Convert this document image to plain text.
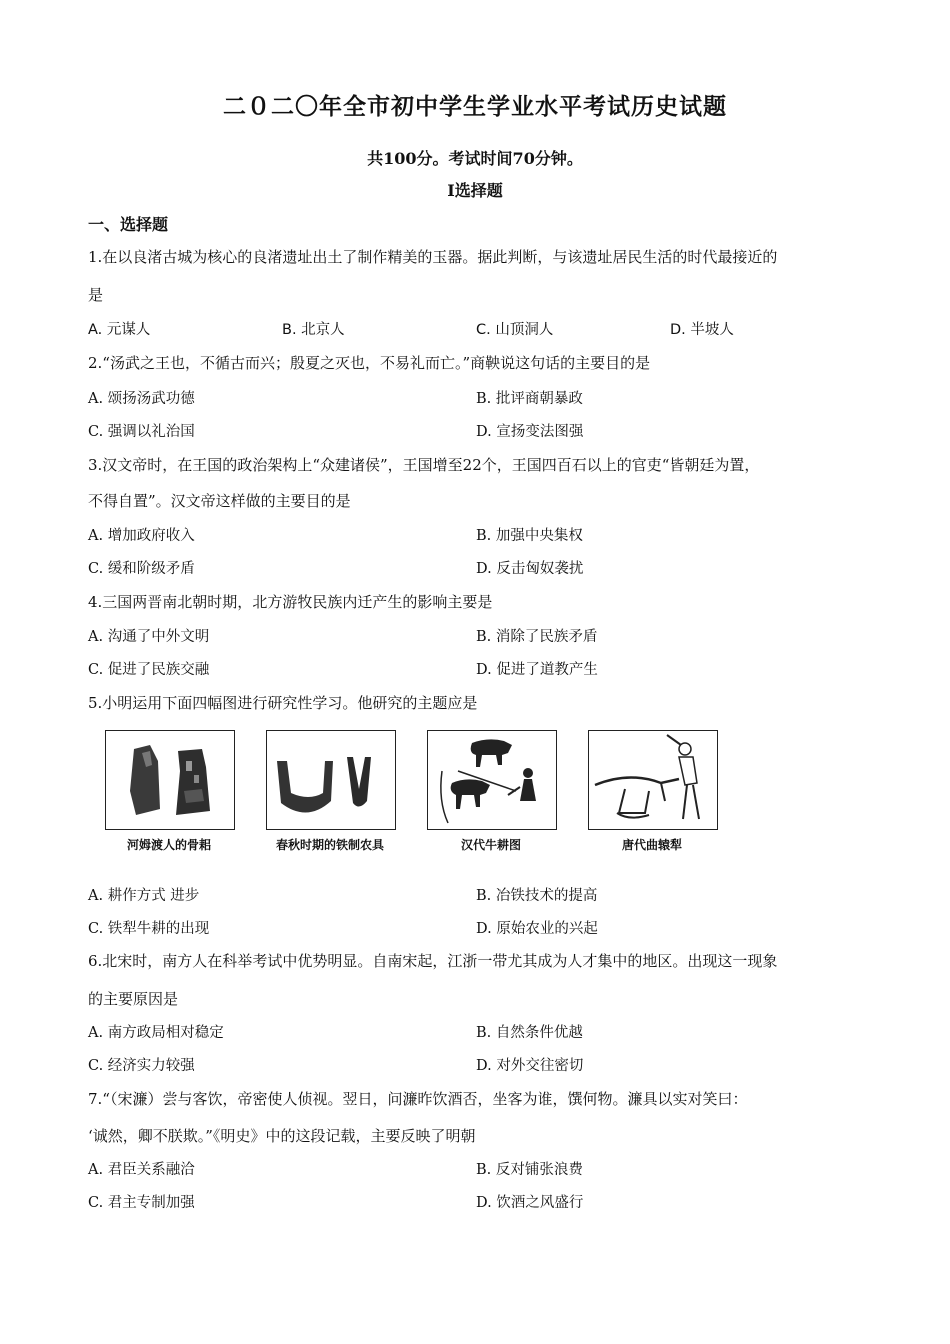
二０二〇年全市初中学生学业水平考试历史试题
共100分。考试时间70分钟。
I选择题
一、选择题
1.在以良渚古城为核心的良渚遗址出土了制作精美的玉器。据此判断，与该遗址居民生活的时代最接近的
是
A. 元谋人	B. 北京人	C. 山顶洞人	D. 半坡人
2.“汤武之王也，不循古而兴；殷夏之灭也，不易礼而亡。”商鞅说这句话的主要目的是
A. 颂扬汤武功德	B. 批评商朝暴政
C. 强调以礼治国	D. 宣扬变法图强
3.汉文帝时，在王国的政治架构上“众建诸侯”，王国增至22个，王国四百石以上的官吏“皆朝廷为置，
不得自置”。汉文帝这样做的主要目的是
A. 增加政府收入	B. 加强中央集权
C. 缓和阶级矛盾	D. 反击匈奴袭扰
4.三国两晋南北朝时期，北方游牧民族内迁产生的影响主要是
A. 沟通了中外文明	B. 消除了民族矛盾
C. 促进了民族交融	D. 促进了道教产生
5.小明运用下面四幅图进行研究性学习。他研究的主题应是
河姆渡人的骨耜	春秋时期的铁制农具	汉代牛耕图	唐代曲辕犁
A. 耕作方式 进步	B. 冶铁技术的提高
C. 铁犁牛耕的出现	D. 原始农业的兴起
6.北宋时，南方人在科举考试中优势明显。自南宋起，江浙一带尤其成为人才集中的地区。出现这一现象
的主要原因是
A. 南方政局相对稳定	B. 自然条件优越
C. 经济实力较强	D. 对外交往密切
7.“（宋濂）尝与客饮，帝密使人侦视。翌日，问濂昨饮酒否，坐客为谁，馔何物。濂具以实对笑曰：
‘诚然，卿不朕欺。”《明史》中的这段记载，主要反映了明朝
A. 君臣关系融洽	B. 反对铺张浪费
C. 君主专制加强	D. 饮酒之风盛行
